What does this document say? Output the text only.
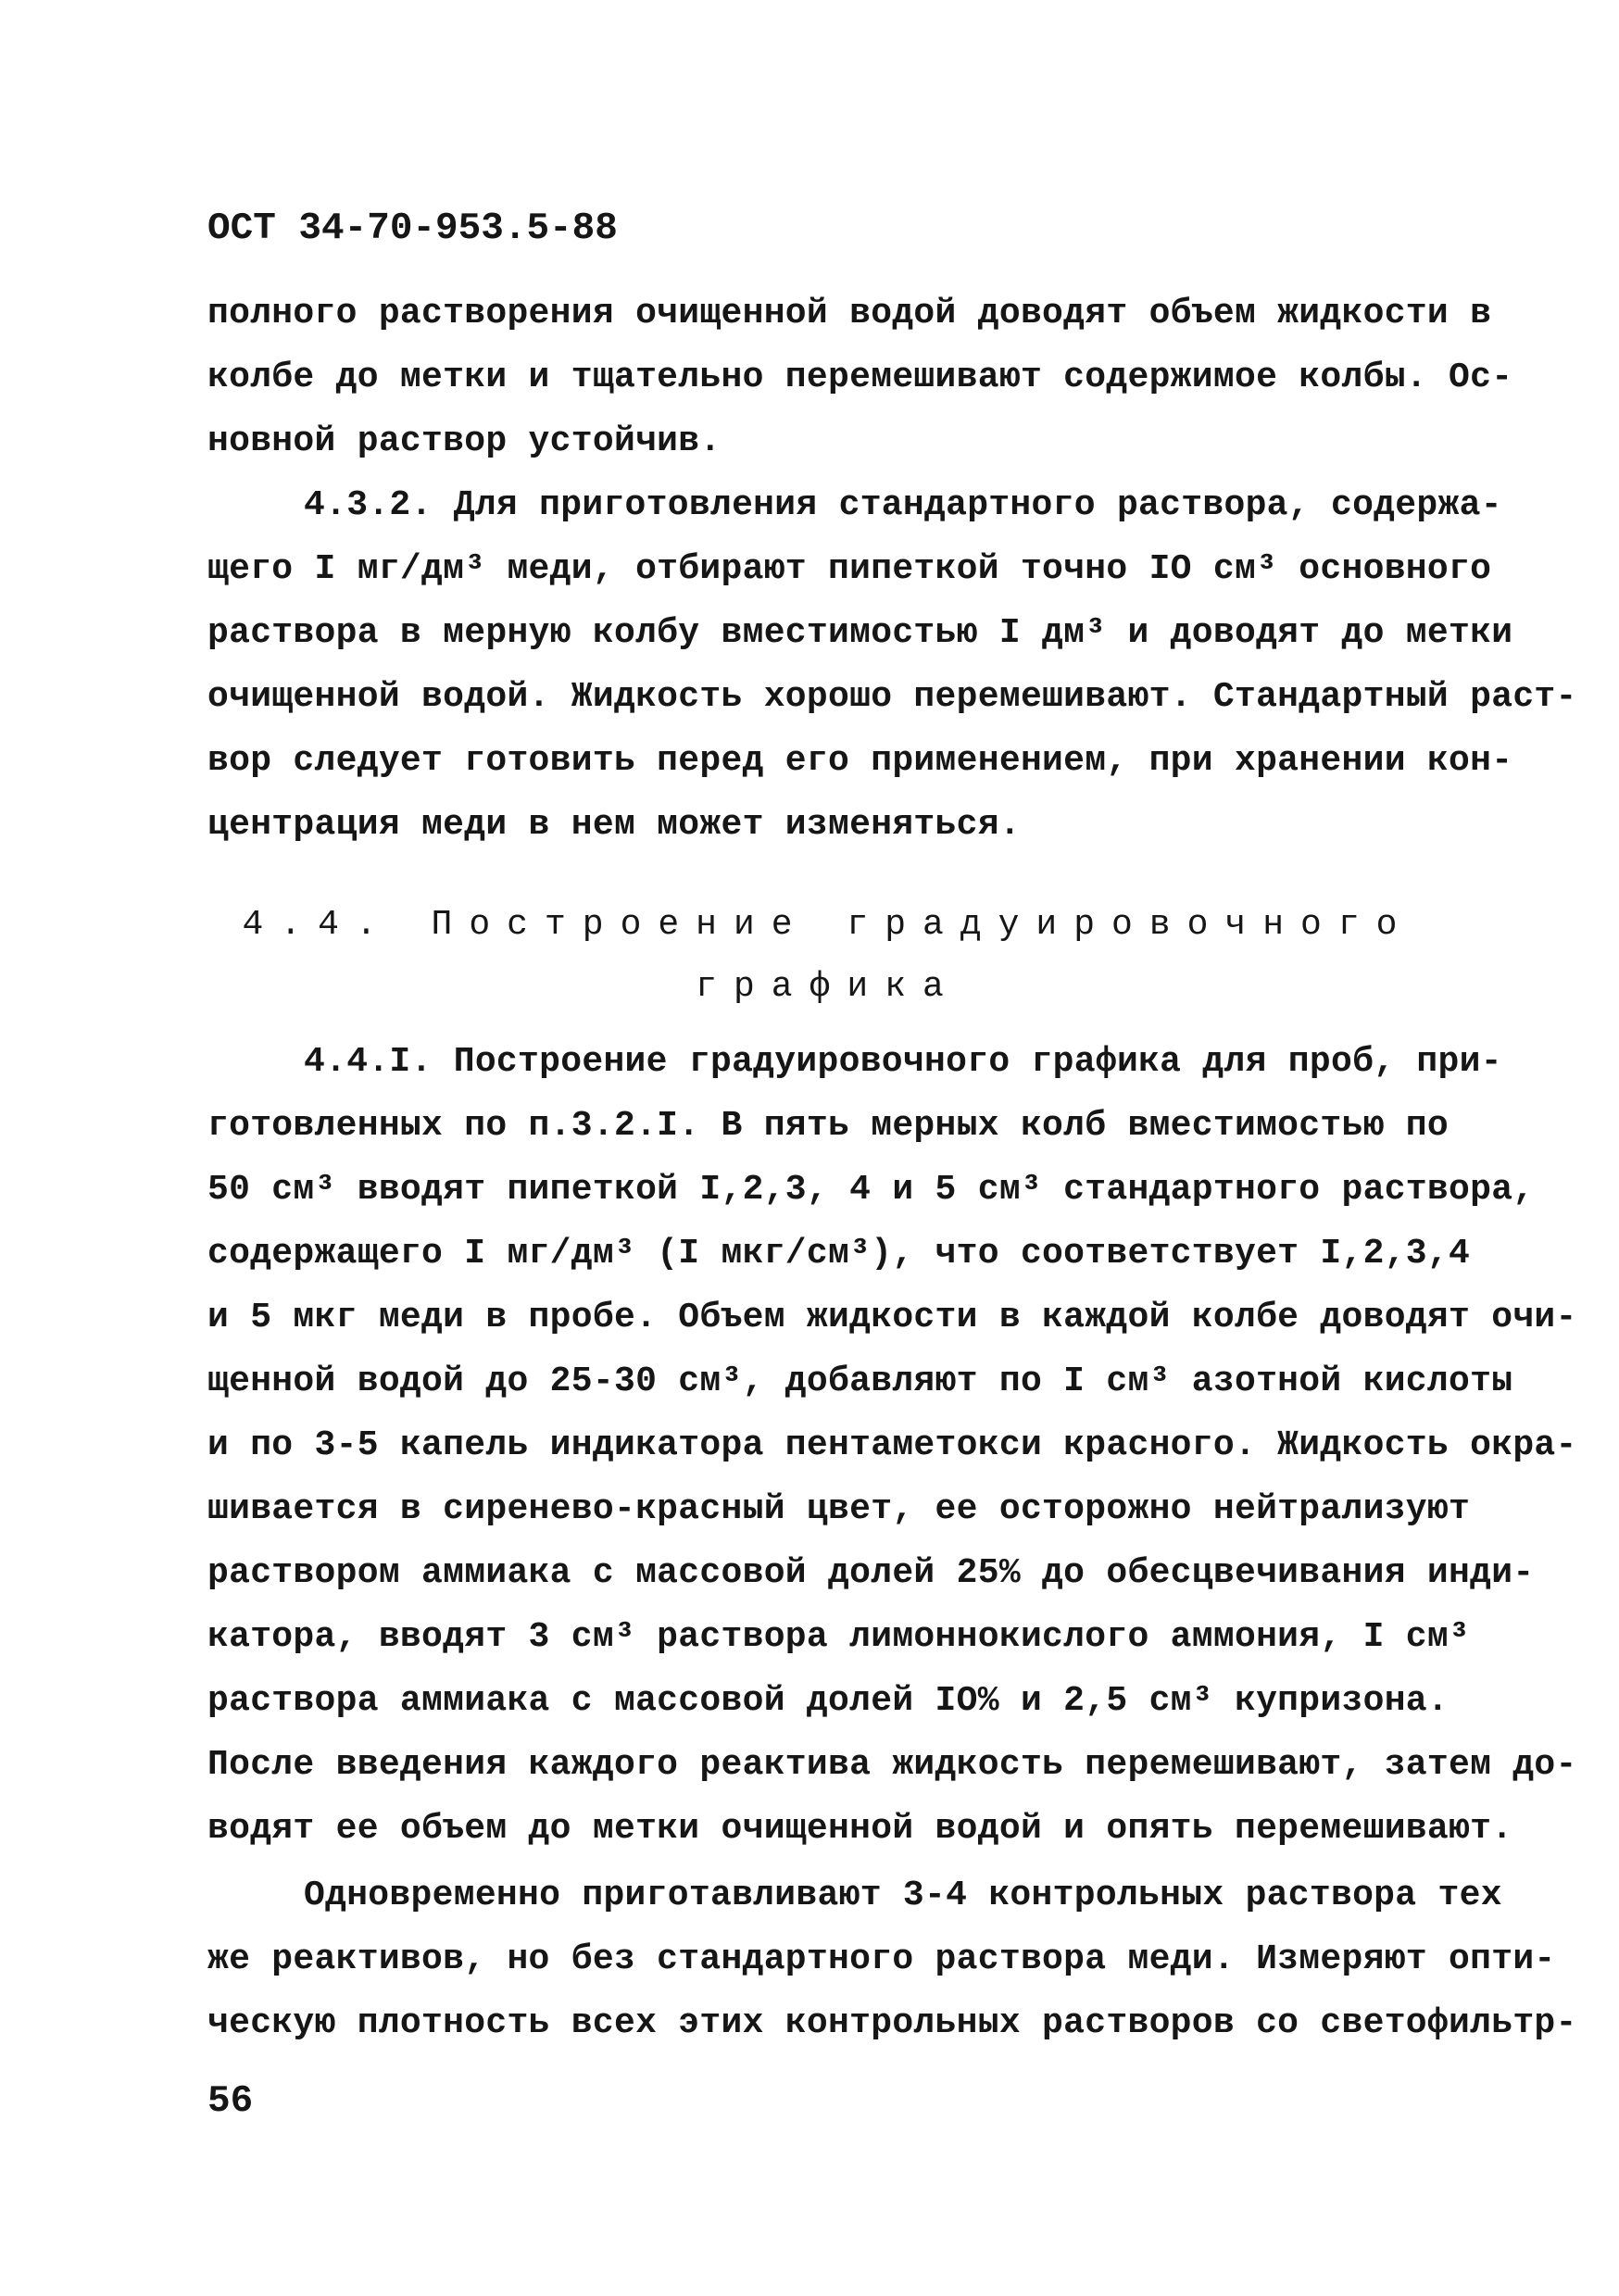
ОСТ 34-70-953.5-88
полного растворения очищенной водой доводят объем жидкости в
колбе до метки и тщательно перемешивают содержимое колбы. Ос-
новной раствор устойчив.
4.3.2. Для приготовления стандартного раствора, содержа-
щего I мг/дм³ меди, отбирают пипеткой точно IO см³ основного
раствора в мерную колбу вместимостью I дм³ и доводят до метки
очищенной водой. Жидкость хорошо перемешивают. Стандартный раст-
вор следует готовить перед его применением, при хранении кон-
центрация меди в нем может изменяться.
4.4. Построение градуировочного
графика
4.4.I. Построение градуировочного графика для проб, при-
готовленных по п.3.2.I. В пять мерных колб вместимостью по
50 см³ вводят пипеткой I,2,3, 4 и 5 см³ стандартного раствора,
содержащего I мг/дм³ (I мкг/см³), что соответствует I,2,3,4
и 5 мкг меди в пробе. Объем жидкости в каждой колбе доводят очи-
щенной водой до 25-30 см³, добавляют по I см³ азотной кислоты
и по 3-5 капель индикатора пентаметокси красного. Жидкость окра-
шивается в сиренево-красный цвет, ее осторожно нейтрализуют
раствором аммиака с массовой долей 25% до обесцвечивания инди-
катора, вводят 3 см³ раствора лимоннокислого аммония, I см³
раствора аммиака с массовой долей IO% и 2,5 см³ купризона.
После введения каждого реактива жидкость перемешивают, затем до-
водят ее объем до метки очищенной водой и опять перемешивают.
Одновременно приготавливают 3-4 контрольных раствора тех
же реактивов, но без стандартного раствора меди. Измеряют опти-
ческую плотность всех этих контрольных растворов со светофильтр-
56
